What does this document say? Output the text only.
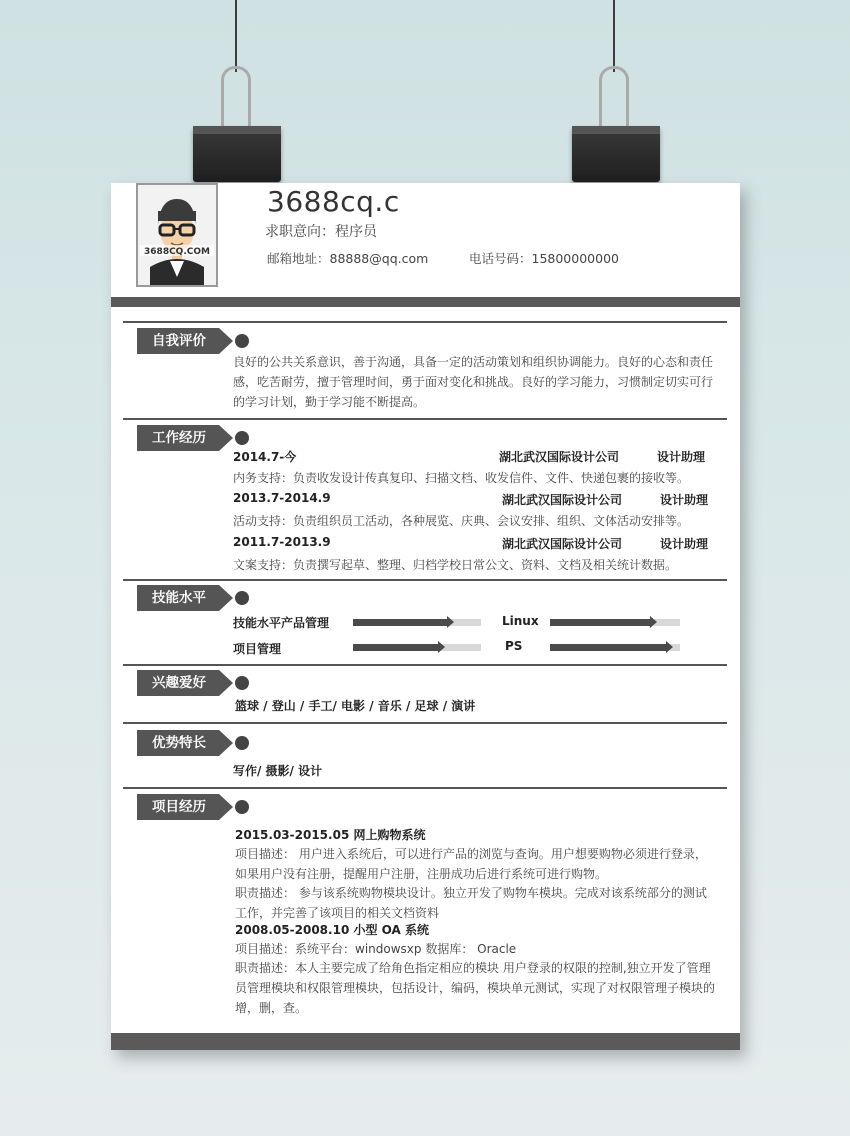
3688CQ.COM
3688cq.c
求职意向：程序员
邮箱地址：88888@qq.com	电话号码：15800000000
自我评价
良好的公共关系意识，善于沟通，具备一定的活动策划和组织协调能力。良好的心态和责任感，吃苦耐劳，擅于管理时间，勇于面对变化和挑战。良好的学习能力，习惯制定切实可行的学习计划，勤于学习能不断提高。
工作经历
2014.7-今	湖北武汉国际设计公司	设计助理
内务支持：负责收发设计传真复印、扫描文档、收发信件、文件、快递包裹的接收等。
2013.7-2014.9	湖北武汉国际设计公司	设计助理
活动支持：负责组织员工活动，各种展览、庆典、会议安排、组织、文体活动安排等。
2011.7-2013.9	湖北武汉国际设计公司	设计助理
文案支持：负责撰写起草、整理、归档学校日常公文、资料、文档及相关统计数据。
技能水平
技能水平产品管理	Linux
项目管理	PS
兴趣爱好
篮球 / 登山 / 手工/ 电影 / 音乐 / 足球 / 演讲
优势特长
写作/ 摄影/ 设计
项目经历
2015.03-2015.05 网上购物系统
项目描述： 用户进入系统后，可以进行产品的浏览与查询。用户想要购物必须进行登录，如果用户没有注册，提醒用户注册，注册成功后进行系统可进行购物。
职责描述： 参与该系统购物模块设计。独立开发了购物车模块。完成对该系统部分的测试工作，并完善了该项目的相关文档资料
2008.05-2008.10 小型 OA 系统
项目描述：系统平台：windowsxp 数据库： Oracle
职责描述：本人主要完成了给角色指定相应的模块 用户登录的权限的控制,独立开发了管理员管理模块和权限管理模块，包括设计，编码，模块单元测试，实现了对权限管理子模块的增，删，查。
